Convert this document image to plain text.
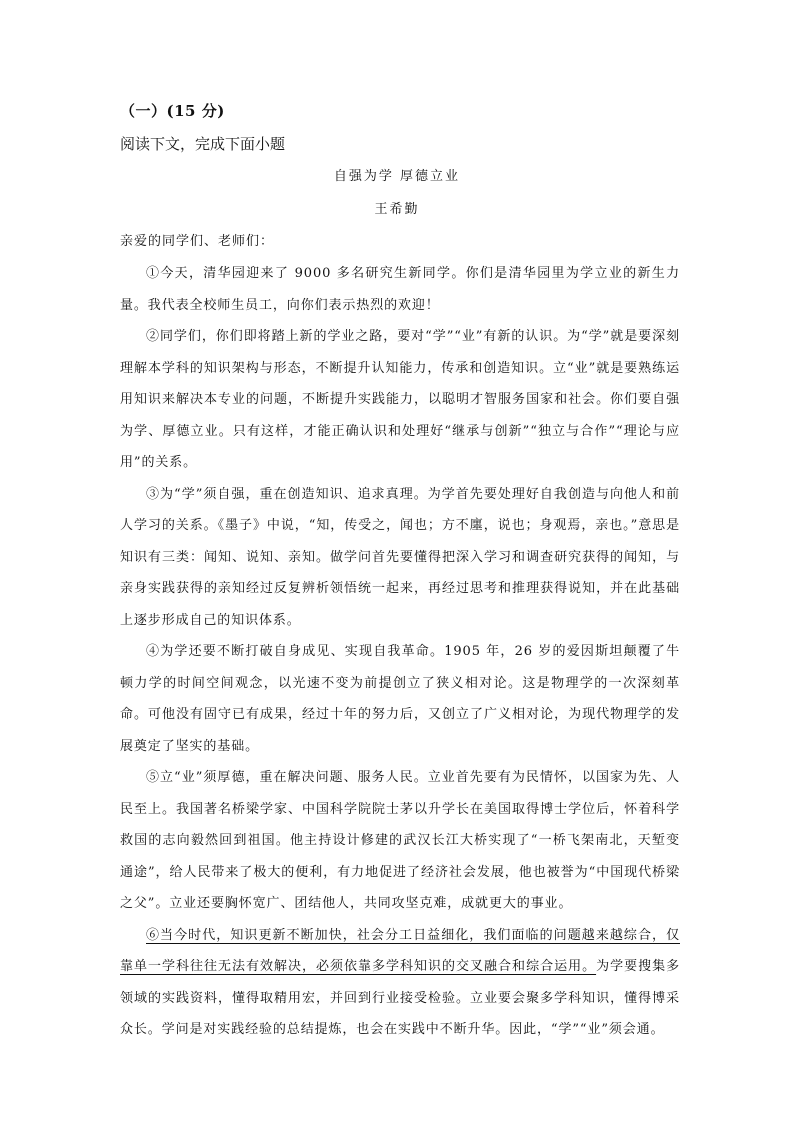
（一）(15 分)
阅读下文，完成下面小题
自强为学 厚德立业
王希勤
亲爱的同学们、老师们：

①今天，清华园迎来了 9000 多名研究生新同学。你们是清华园里为学立业的新生力量。我代表全校师生员工，向你们表示热烈的欢迎！

②同学们，你们即将踏上新的学业之路，要对“学”“业”有新的认识。为“学”就是要深刻理解本学科的知识架构与形态，不断提升认知能力，传承和创造知识。立“业”就是要熟练运用知识来解决本专业的问题，不断提升实践能力，以聪明才智服务国家和社会。你们要自强为学、厚德立业。只有这样，才能正确认识和处理好“继承与创新”“独立与合作”“理论与应用”的关系。

③为“学”须自强，重在创造知识、追求真理。为学首先要处理好自我创造与向他人和前人学习的关系。《墨子》中说，“知，传受之，闻也；方不廛，说也；身观焉，亲也。”意思是知识有三类：闻知、说知、亲知。做学问首先要懂得把深入学习和调查研究获得的闻知，与亲身实践获得的亲知经过反复辨析领悟统一起来，再经过思考和推理获得说知，并在此基础上逐步形成自己的知识体系。

④为学还要不断打破自身成见、实现自我革命。1905 年，26 岁的爱因斯坦颠覆了牛顿力学的时间空间观念，以光速不变为前提创立了狭义相对论。这是物理学的一次深刻革命。可他没有固守已有成果，经过十年的努力后，又创立了广义相对论，为现代物理学的发展奠定了坚实的基础。

⑤立“业”须厚德，重在解决问题、服务人民。立业首先要有为民情怀，以国家为先、人民至上。我国著名桥梁学家、中国科学院院士茅以升学长在美国取得博士学位后，怀着科学救国的志向毅然回到祖国。他主持设计修建的武汉长江大桥实现了“一桥飞架南北，天堑变通途”，给人民带来了极大的便利，有力地促进了经济社会发展，他也被誉为“中国现代桥梁之父”。立业还要胸怀宽广、团结他人，共同攻坚克难，成就更大的事业。

⑥当今时代，知识更新不断加快，社会分工日益细化，我们面临的问题越来越综合，仅靠单一学科往往无法有效解决，必须依靠多学科知识的交叉融合和综合运用。为学要搜集多领域的实践资料，懂得取精用宏，并回到行业接受检验。立业要会聚多学科知识，懂得博采众长。学问是对实践经验的总结提炼，也会在实践中不断升华。因此，“学”“业”须会通。
